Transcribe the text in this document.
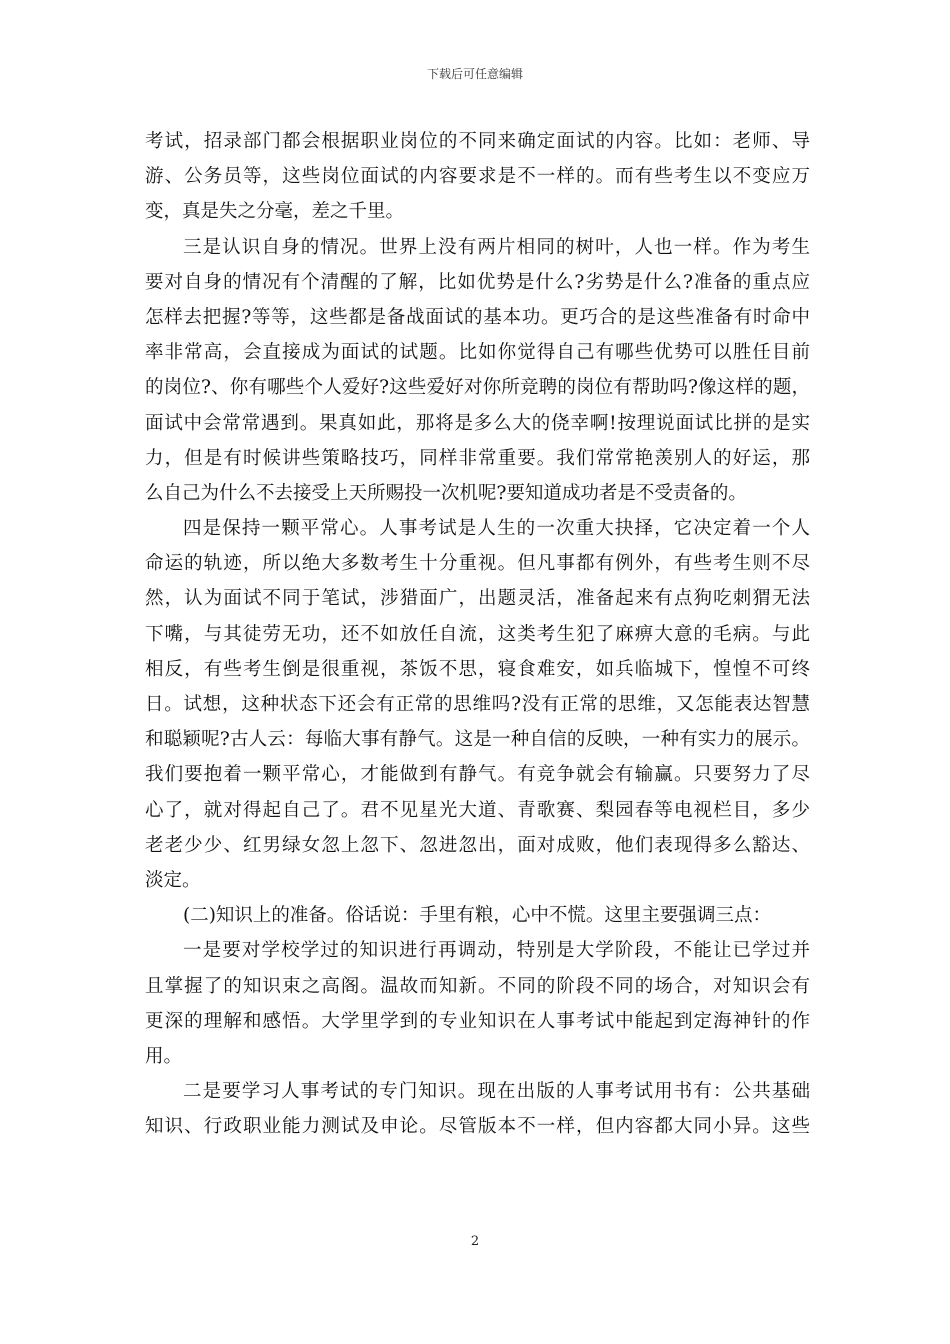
下载后可任意编辑
考试，招录部门都会根据职业岗位的不同来确定面试的内容。比如：老师、导
游、公务员等，这些岗位面试的内容要求是不一样的。而有些考生以不变应万
变，真是失之分毫，差之千里。
三是认识自身的情况。世界上没有两片相同的树叶，人也一样。作为考生
要对自身的情况有个清醒的了解，比如优势是什么?劣势是什么?准备的重点应
怎样去把握?等等，这些都是备战面试的基本功。更巧合的是这些准备有时命中
率非常高，会直接成为面试的试题。比如你觉得自己有哪些优势可以胜任目前
的岗位?、你有哪些个人爱好?这些爱好对你所竞聘的岗位有帮助吗?像这样的题，
面试中会常常遇到。果真如此，那将是多么大的侥幸啊!按理说面试比拼的是实
力，但是有时候讲些策略技巧，同样非常重要。我们常常艳羡别人的好运，那
么自己为什么不去接受上天所赐投一次机呢?要知道成功者是不受责备的。
四是保持一颗平常心。人事考试是人生的一次重大抉择，它决定着一个人
命运的轨迹，所以绝大多数考生十分重视。但凡事都有例外，有些考生则不尽
然，认为面试不同于笔试，涉猎面广，出题灵活，准备起来有点狗吃刺猬无法
下嘴，与其徒劳无功，还不如放任自流，这类考生犯了麻痹大意的毛病。与此
相反，有些考生倒是很重视，茶饭不思，寝食难安，如兵临城下，惶惶不可终
日。试想，这种状态下还会有正常的思维吗?没有正常的思维，又怎能表达智慧
和聪颖呢?古人云：每临大事有静气。这是一种自信的反映，一种有实力的展示。
我们要抱着一颗平常心，才能做到有静气。有竞争就会有输赢。只要努力了尽
心了，就对得起自己了。君不见星光大道、青歌赛、梨园春等电视栏目，多少
老老少少、红男绿女忽上忽下、忽进忽出，面对成败，他们表现得多么豁达、
淡定。
(二)知识上的准备。俗话说：手里有粮，心中不慌。这里主要强调三点：
一是要对学校学过的知识进行再调动，特别是大学阶段，不能让已学过并
且掌握了的知识束之高阁。温故而知新。不同的阶段不同的场合，对知识会有
更深的理解和感悟。大学里学到的专业知识在人事考试中能起到定海神针的作
用。
二是要学习人事考试的专门知识。现在出版的人事考试用书有：公共基础
知识、行政职业能力测试及申论。尽管版本不一样，但内容都大同小异。这些
2
